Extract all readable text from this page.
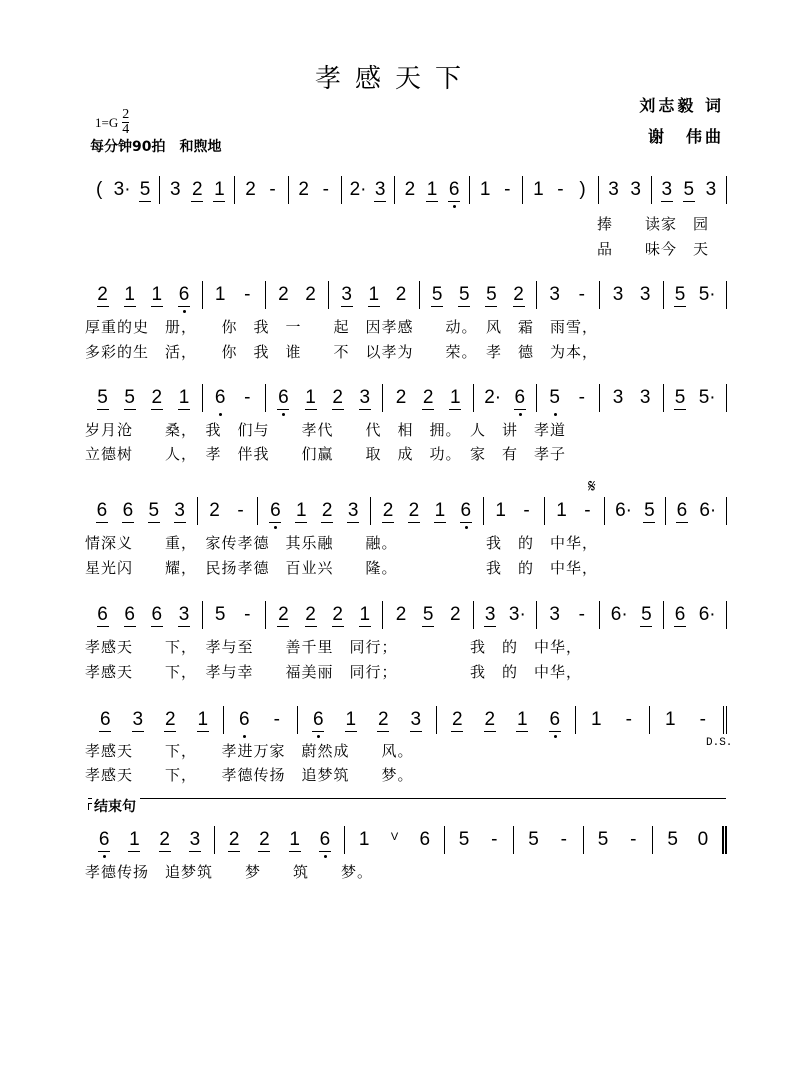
孝感天下
$1=G \frac{2}{4}$
每分钟90拍　和煦地
刘志毅 词
谢　伟曲
𝄋
D.S.
结束句
( 3· 5 3 2 1 2 - 2 - 2· 3 2 1 6 1 - 1 - ) 3 3 3 5 3
捧　　读家　园
品　　味今　天
2 1 1 6 1 - 2 2 3 1 2 5 5 5 2 3 - 3 3 5 5·
厚重的史　册，　　你　我　一　　起　因孝感　　动。　风　霜　雨雪，
多彩的生　活，　　你　我　谁　　不　以孝为　　荣。　孝　德　为本，
5 5 2 1 6 - 6 1 2 3 2 2 1 2· 6 5 - 3 3 5 5·
岁月沧　　桑，　我　们与　　孝代　　代　相　拥。　人　讲　孝道
立德树　　人，　孝　伴我　　们赢　　取　成　功。　家　有　孝子
6 6 5 3 2 - 6 1 2 3 2 2 1 6 1 - 1 - 6· 5 6 6·
情深义　　重，　家传孝德　其乐融　　融。　　　　　　我　的　中华，
星光闪　　耀，　民扬孝德　百业兴　　隆。　　　　　　我　的　中华，
6 6 6 3 5 - 2 2 2 1 2 5 2 3 3· 3 - 6· 5 6 6·
孝感天　　下，　孝与至　　善千里　同行；　　　　　我　的　中华，
孝感天　　下，　孝与幸　　福美丽　同行；　　　　　我　的　中华，
6 3 2 1 6 - 6 1 2 3 2 2 1 6 1 - 1 -
孝感天　　下，　　孝进万家　蔚然成　　风。
孝感天　　下，　　孝德传扬　追梦筑　　梦。
6 1 2 3 2 2 1 6 1 V 6 5 - 5 - 5 - 5 0
孝德传扬　追梦筑　　梦　　筑　　梦。
